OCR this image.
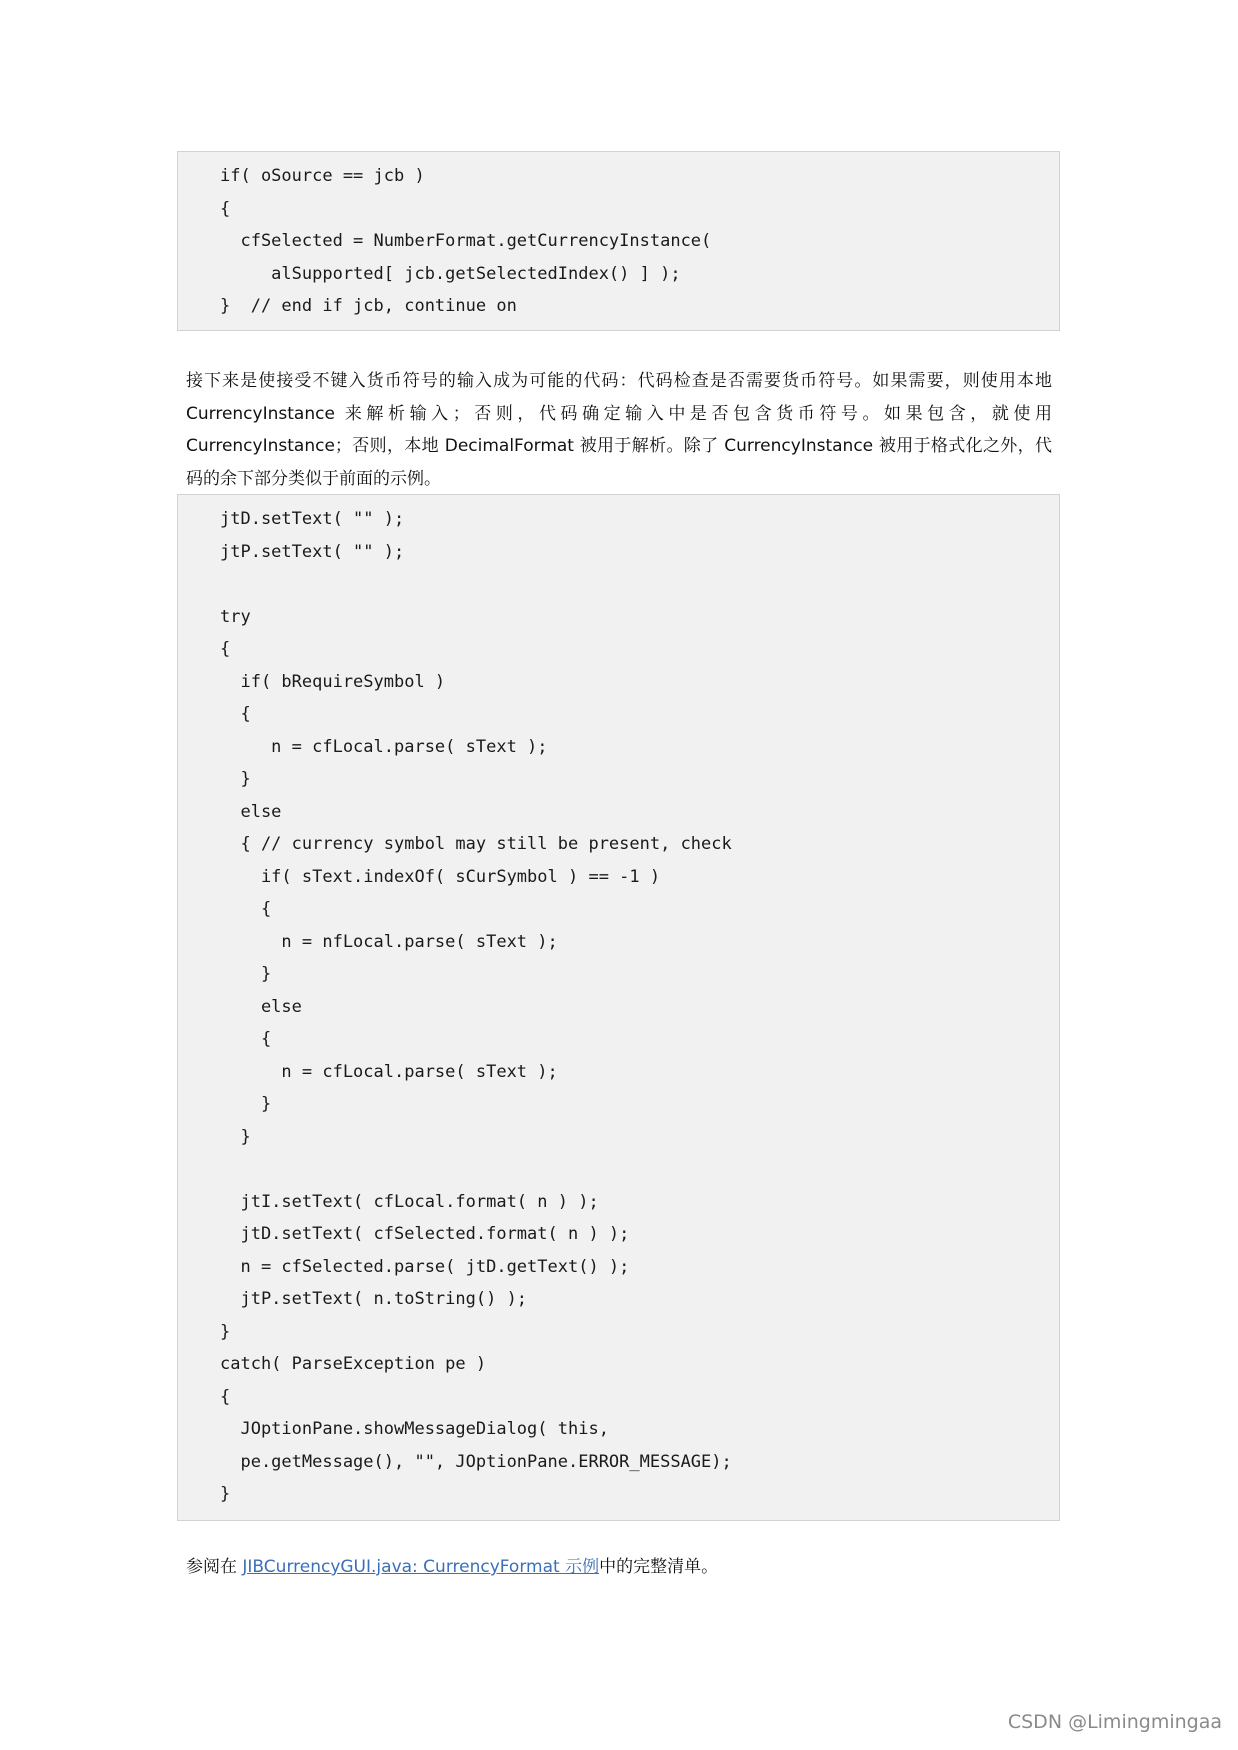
if( oSource == jcb )
{
cfSelected = NumberFormat.getCurrencyInstance(
alSupported[ jcb.getSelectedIndex() ] );
}  // end if jcb, continue on
接下来是使接受不键入货币符号的输入成为可能的代码：代码检查是否需要货币符号。如果需要，则使用本地 CurrencyInstance 来解析输入；否则，代码确定输入中是否包含货币符号。如果包含，就使用 CurrencyInstance；否则，本地 DecimalFormat 被用于解析。除了 CurrencyInstance 被用于格式化之外，代码的余下部分类似于前面的示例。
jtD.setText( "" );
jtP.setText( "" );
try
{
if( bRequireSymbol )
{
n = cfLocal.parse( sText );
}
else
{ // currency symbol may still be present, check
if( sText.indexOf( sCurSymbol ) == -1 )
{
n = nfLocal.parse( sText );
}
else
{
n = cfLocal.parse( sText );
}
}
jtI.setText( cfLocal.format( n ) );
jtD.setText( cfSelected.format( n ) );
n = cfSelected.parse( jtD.getText() );
jtP.setText( n.toString() );
}
catch( ParseException pe )
{
JOptionPane.showMessageDialog( this,
pe.getMessage(), "", JOptionPane.ERROR_MESSAGE);
}
参阅在 JIBCurrencyGUI.java: CurrencyFormat 示例中的完整清单。
CSDN @Limingmingaa
